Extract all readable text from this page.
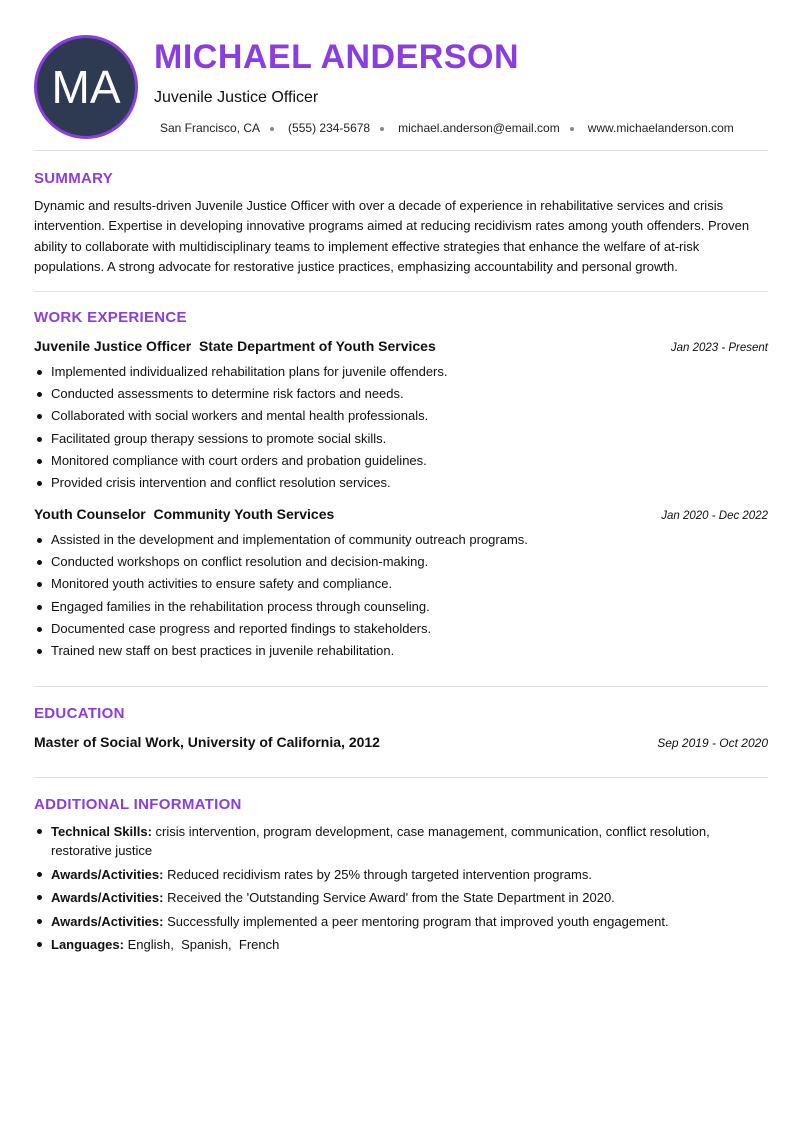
MA
MICHAEL ANDERSON
Juvenile Justice Officer
San Francisco, CA (555) 234-5678 michael.anderson@email.com www.michaelanderson.com
SUMMARY

Dynamic and results-driven Juvenile Justice Officer with over a decade of experience in rehabilitative services and crisis intervention. Expertise in developing innovative programs aimed at reducing recidivism rates among youth offenders. Proven ability to collaborate with multidisciplinary teams to implement effective strategies that enhance the welfare of at-risk populations. A strong advocate for restorative justice practices, emphasizing accountability and personal growth.

WORK EXPERIENCE
Juvenile Justice Officer State Department of Youth Services	Jan 2023 - Present
Implemented individualized rehabilitation plans for juvenile offenders.
Conducted assessments to determine risk factors and needs.
Collaborated with social workers and mental health professionals.
Facilitated group therapy sessions to promote social skills.
Monitored compliance with court orders and probation guidelines.
Provided crisis intervention and conflict resolution services.
Youth Counselor Community Youth Services	Jan 2020 - Dec 2022
Assisted in the development and implementation of community outreach programs.
Conducted workshops on conflict resolution and decision-making.
Monitored youth activities to ensure safety and compliance.
Engaged families in the rehabilitation process through counseling.
Documented case progress and reported findings to stakeholders.
Trained new staff on best practices in juvenile rehabilitation.
EDUCATION
Master of Social Work, University of California, 2012	Sep 2019 - Oct 2020
ADDITIONAL INFORMATION
Technical Skills: crisis intervention, program development, case management, communication, conflict resolution, restorative justice
Awards/Activities: Reduced recidivism rates by 25% through targeted intervention programs.
Awards/Activities: Received the 'Outstanding Service Award' from the State Department in 2020.
Awards/Activities: Successfully implemented a peer mentoring program that improved youth engagement.
Languages: English,  Spanish,  French
